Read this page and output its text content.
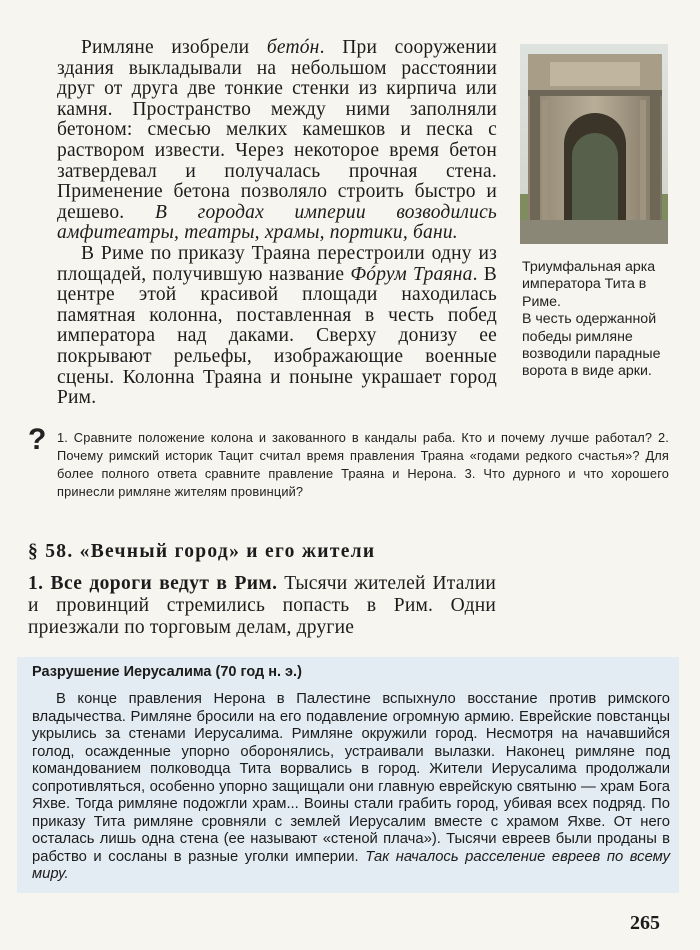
Римляне изобрели бетóн. При сооружении здания выкладывали на небольшом расстоянии друг от друга две тонкие стенки из кирпича или камня. Пространство между ними заполняли бетоном: смесью мелких камешков и песка с раствором извести. Через некоторое время бетон затвердевал и получалась прочная стена. Применение бетона позволяло строить быстро и дешево. В городах империи возводились амфитеатры, театры, храмы, портики, бани.

В Риме по приказу Траяна перестроили одну из площадей, получившую название Фóрум Траяна. В центре этой красивой площади находилась памятная колонна, поставленная в честь побед императора над даками. Сверху донизу ее покрывают рельефы, изображающие военные сцены. Колонна Траяна и поныне украшает город Рим.

Триумфальная арка императора Тита в Риме.

В честь одержанной победы римляне возводили парадные ворота в виде арки.

? 1. Сравните положение колона и закованного в кандалы раба. Кто и почему лучше работал? 2. Почему римский историк Тацит считал время правления Траяна «годами редкого счастья»? Для более полного ответа сравните правление Траяна и Нерона. 3. Что дурного и что хорошего принесли римляне жителям провинций?
§ 58. «Вечный город» и его жители
1. Все дороги ведут в Рим. Тысячи жителей Италии и провинций стремились попасть в Рим. Одни приезжали по торговым делам, другие
Разрушение Иерусалима (70 год н. э.)
В конце правления Нерона в Палестине вспыхнуло восстание против римского владычества. Римляне бросили на его подавление огромную армию. Еврейские повстанцы укрылись за стенами Иерусалима. Римляне окружили город. Несмотря на начавшийся голод, осажденные упорно оборонялись, устраивали вылазки. Наконец римляне под командованием полководца Тита ворвались в город. Жители Иерусалима продолжали сопротивляться, особенно упорно защищали они главную еврейскую святыню — храм Бога Яхве. Тогда римляне подожгли храм... Воины стали грабить город, убивая всех подряд. По приказу Тита римляне сровняли с землей Иерусалим вместе с храмом Яхве. От него осталась лишь одна стена (ее называют «стеной плача»). Тысячи евреев были проданы в рабство и сосланы в разные уголки империи. Так началось расселение евреев по всему миру.
265
